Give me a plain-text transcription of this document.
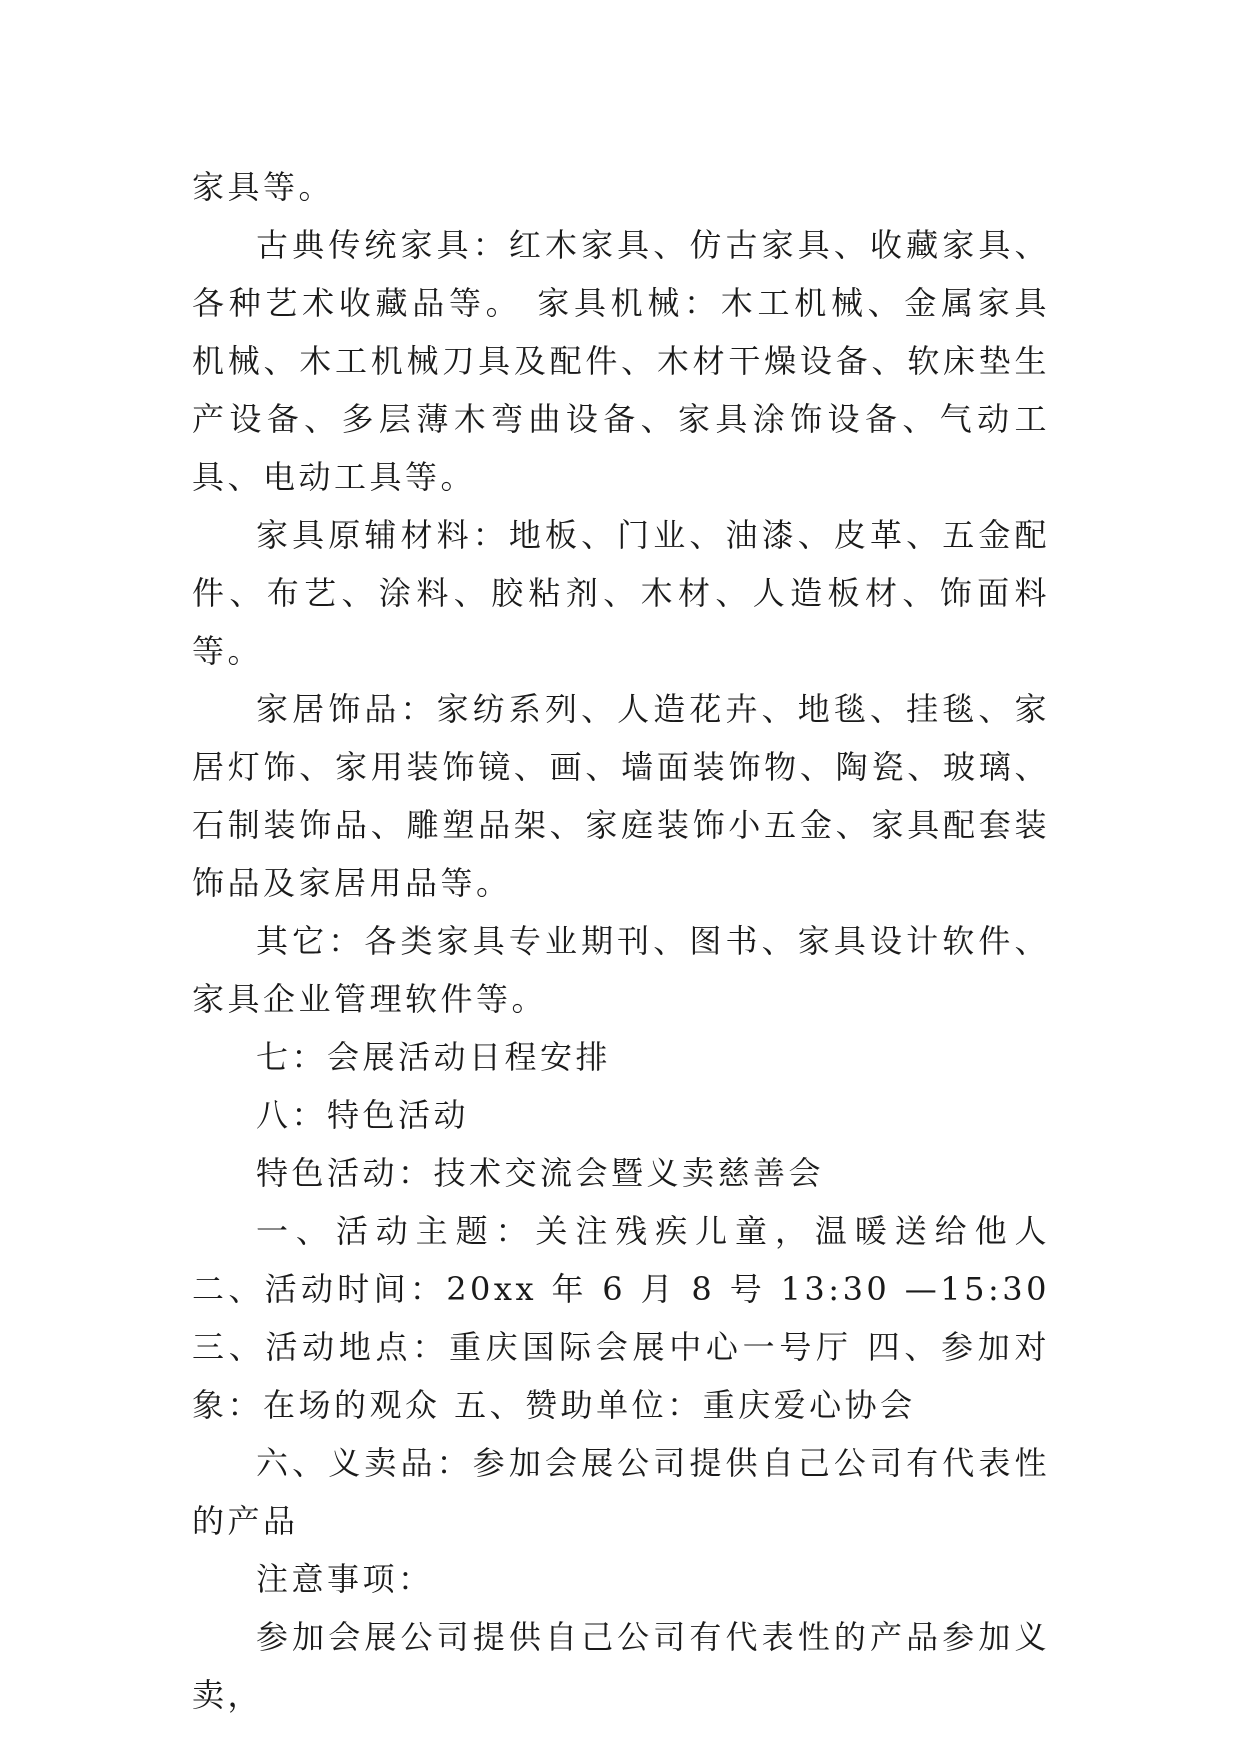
家具等。

古典传统家具：红木家具、仿古家具、收藏家具、各种艺术收藏品等。 家具机械：木工机械、金属家具机械、木工机械刀具及配件、木材干燥设备、软床垫生产设备、多层薄木弯曲设备、家具涂饰设备、气动工具、电动工具等。

家具原辅材料：地板、门业、油漆、皮革、五金配件、布艺、涂料、胶粘剂、木材、人造板材、饰面料等。

家居饰品：家纺系列、人造花卉、地毯、挂毯、家居灯饰、家用装饰镜、画、墙面装饰物、陶瓷、玻璃、石制装饰品、雕塑品架、家庭装饰小五金、家具配套装饰品及家居用品等。

其它：各类家具专业期刊、图书、家具设计软件、家具企业管理软件等。

七：会展活动日程安排

八：特色活动

特色活动：技术交流会暨义卖慈善会

一、活动主题：关注残疾儿童，温暖送给他人 二、活动时间：20xx 年 6 月 8 号 13:30 —15:30 三、活动地点：重庆国际会展中心一号厅 四、参加对象：在场的观众 五、赞助单位：重庆爱心协会

六、义卖品：参加会展公司提供自己公司有代表性的产品

注意事项：

参加会展公司提供自己公司有代表性的产品参加义卖，
